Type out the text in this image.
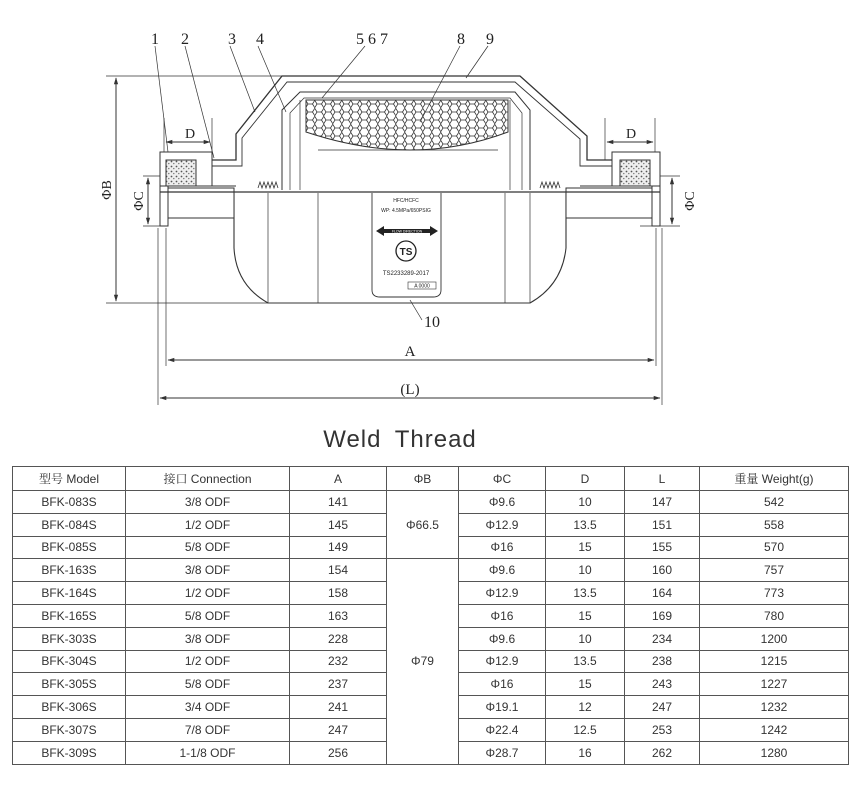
HFC/HCFC
WP: 4.5MPa/650PSIG
FLOW DIRECTION
TS
TS2233289-2017
A 0000
1 2 3 4	5 6 7	8 9
10
A
(L)
D	D
ΦB
ΦC	ΦC
Weld Thread
型号 Model	接口 Connection	A	ΦB	ΦC	D	L	重量 Weight(g)
BFK-083S	3/8 ODF	141	Φ66.5	Φ9.6	10	147	542
BFK-084S	1/2 ODF	145		Φ12.9	13.5	151	558
BFK-085S	5/8 ODF	149		Φ16	15	155	570
BFK-163S	3/8 ODF	154	Φ79	Φ9.6	10	160	757
BFK-164S	1/2 ODF	158		Φ12.9	13.5	164	773
BFK-165S	5/8 ODF	163		Φ16	15	169	780
BFK-303S	3/8 ODF	228		Φ9.6	10	234	1200
BFK-304S	1/2 ODF	232		Φ12.9	13.5	238	1215
BFK-305S	5/8 ODF	237		Φ16	15	243	1227
BFK-306S	3/4 ODF	241		Φ19.1	12	247	1232
BFK-307S	7/8 ODF	247		Φ22.4	12.5	253	1242
BFK-309S	1-1/8 ODF	256		Φ28.7	16	262	1280
